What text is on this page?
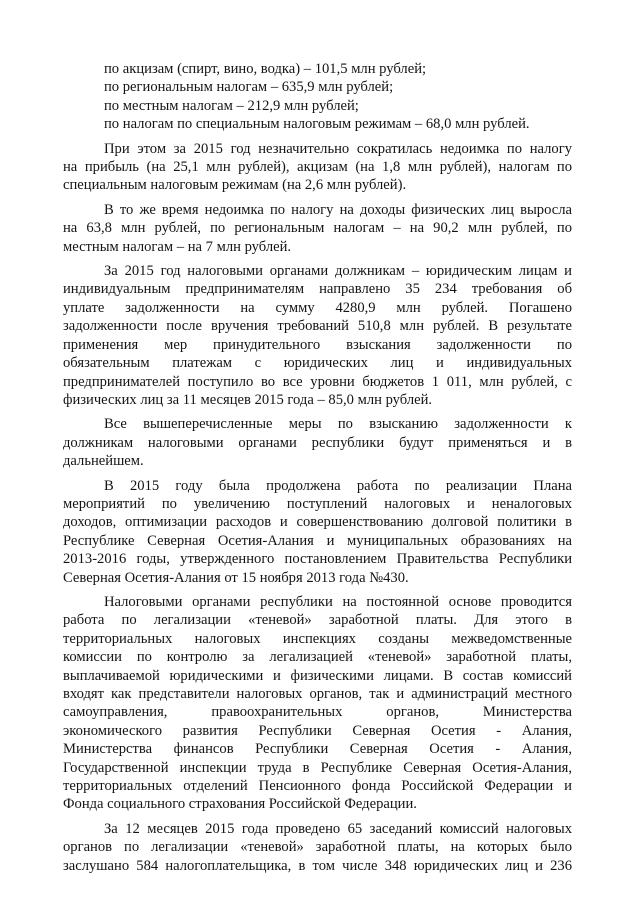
по акцизам (спирт, вино, водка) – 101,5 млн рублей;
по региональным налогам – 635,9 млн рублей;
по местным налогам – 212,9 млн рублей;
по налогам по специальным налоговым режимам – 68,0 млн рублей.
При этом за 2015 год незначительно сократилась недоимка по налогу
на прибыль (на 25,1 млн рублей), акцизам (на 1,8 млн рублей), налогам по
специальным налоговым режимам (на 2,6 млн рублей).
В то же время недоимка по налогу на доходы физических лиц выросла
на 63,8 млн рублей, по региональным налогам – на 90,2 млн рублей, по
местным налогам – на 7 млн рублей.
За 2015 год налоговыми органами должникам – юридическим лицам и
индивидуальным предпринимателям направлено 35 234 требования об
уплате задолженности на сумму 4280,9 млн рублей. Погашено
задолженности после вручения требований 510,8 млн рублей. В результате
применения мер принудительного взыскания задолженности по
обязательным платежам с юридических лиц и индивидуальных
предпринимателей поступило во все уровни бюджетов 1 011, млн рублей, с
физических лиц за 11 месяцев 2015 года – 85,0 млн рублей.
Все вышеперечисленные меры по взысканию задолженности к
должникам налоговыми органами республики будут применяться и в
дальнейшем.
В 2015 году была продолжена работа по реализации Плана
мероприятий по увеличению поступлений налоговых и неналоговых
доходов, оптимизации расходов и совершенствованию долговой политики в
Республике Северная Осетия-Алания и муниципальных образованиях на
2013-2016 годы, утвержденного постановлением Правительства Республики
Северная Осетия-Алания от 15 ноября 2013 года №430.
Налоговыми органами республики на постоянной основе проводится
работа по легализации «теневой» заработной платы. Для этого в
территориальных налоговых инспекциях созданы межведомственные
комиссии по контролю за легализацией «теневой» заработной платы,
выплачиваемой юридическими и физическими лицами. В состав комиссий
входят как представители налоговых органов, так и администраций местного
самоуправления, правоохранительных органов, Министерства
экономического развития Республики Северная Осетия - Алания,
Министерства финансов Республики Северная Осетия - Алания,
Государственной инспекции труда в Республике Северная Осетия-Алания,
территориальных отделений Пенсионного фонда Российской Федерации и
Фонда социального страхования Российской Федерации.
За 12 месяцев 2015 года проведено 65 заседаний комиссий налоговых
органов по легализации «теневой» заработной платы, на которых было
заслушано 584 налогоплательщика, в том числе 348 юридических лиц и 236
